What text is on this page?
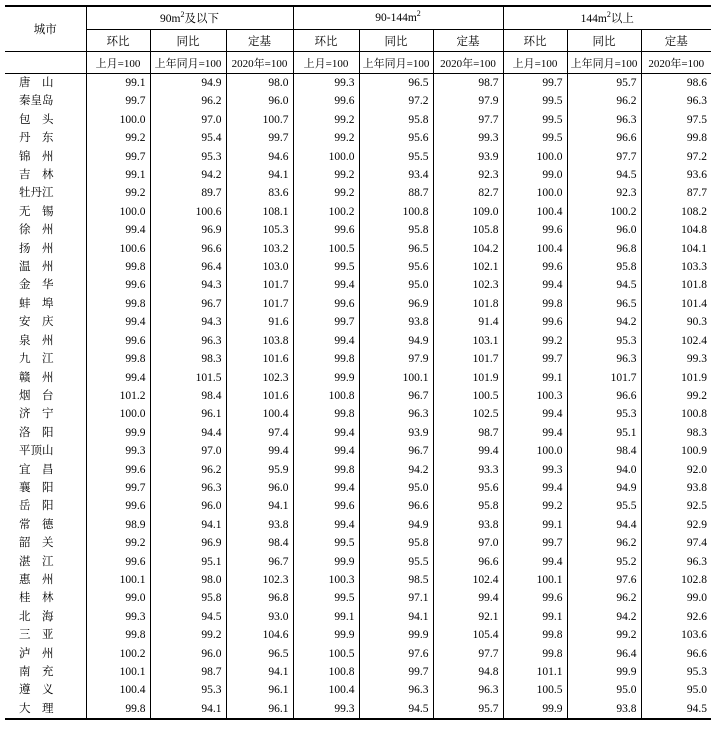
城市	$90m^2$及以下			$90-144m^2$			$144m^2$以上		
	环比	同比	定基	环比	同比	定基	环比	同比	定基
	上月=100	上年同月=100	2020年=100	上月=100	上年同月=100	2020年=100	上月=100	上年同月=100	2020年=100
唐　山	99.1	94.9	98.0	99.3	96.5	98.7	99.7	95.7	98.6
秦皇岛	99.7	96.2	96.0	99.6	97.2	97.9	99.5	96.2	96.3
包　头	100.0	97.0	100.7	99.2	95.8	97.7	99.5	96.3	97.5
丹　东	99.2	95.4	99.7	99.2	95.6	99.3	99.5	96.6	99.8
锦　州	99.7	95.3	94.6	100.0	95.5	93.9	100.0	97.7	97.2
吉　林	99.1	94.2	94.1	99.2	93.4	92.3	99.0	94.5	93.6
牡丹江	99.2	89.7	83.6	99.2	88.7	82.7	100.0	92.3	87.7
无　锡	100.0	100.6	108.1	100.2	100.8	109.0	100.4	100.2	108.2
徐　州	99.4	96.9	105.3	99.6	95.8	105.8	99.6	96.0	104.8
扬　州	100.6	96.6	103.2	100.5	96.5	104.2	100.4	96.8	104.1
温　州	99.8	96.4	103.0	99.5	95.6	102.1	99.6	95.8	103.3
金　华	99.6	94.3	101.7	99.4	95.0	102.3	99.4	94.5	101.8
蚌　埠	99.8	96.7	101.7	99.6	96.9	101.8	99.8	96.5	101.4
安　庆	99.4	94.3	91.6	99.7	93.8	91.4	99.6	94.2	90.3
泉　州	99.6	96.3	103.8	99.4	94.9	103.1	99.2	95.3	102.4
九　江	99.8	98.3	101.6	99.8	97.9	101.7	99.7	96.3	99.3
赣　州	99.4	101.5	102.3	99.9	100.1	101.9	99.1	101.7	101.9
烟　台	101.2	98.4	101.6	100.8	96.7	100.5	100.3	96.6	99.2
济　宁	100.0	96.1	100.4	99.8	96.3	102.5	99.4	95.3	100.8
洛　阳	99.9	94.4	97.4	99.4	93.9	98.7	99.4	95.1	98.3
平顶山	99.3	97.0	99.4	99.4	96.7	99.4	100.0	98.4	100.9
宜　昌	99.6	96.2	95.9	99.8	94.2	93.3	99.3	94.0	92.0
襄　阳	99.7	96.3	96.0	99.4	95.0	95.6	99.4	94.9	93.8
岳　阳	99.6	96.0	94.1	99.6	96.6	95.8	99.2	95.5	92.5
常　德	98.9	94.1	93.8	99.4	94.9	93.8	99.1	94.4	92.9
韶　关	99.2	96.9	98.4	99.5	95.8	97.0	99.7	96.2	97.4
湛　江	99.6	95.1	96.7	99.9	95.5	96.6	99.4	95.2	96.3
惠　州	100.1	98.0	102.3	100.3	98.5	102.4	100.1	97.6	102.8
桂　林	99.0	95.8	96.8	99.5	97.1	99.4	99.6	96.2	99.0
北　海	99.3	94.5	93.0	99.1	94.1	92.1	99.1	94.2	92.6
三　亚	99.8	99.2	104.6	99.9	99.9	105.4	99.8	99.2	103.6
泸　州	100.2	96.0	96.5	100.5	97.6	97.7	99.8	96.4	96.6
南　充	100.1	98.7	94.1	100.8	99.7	94.8	101.1	99.9	95.3
遵　义	100.4	95.3	96.1	100.4	96.3	96.3	100.5	95.0	95.0
大　理	99.8	94.1	96.1	99.3	94.5	95.7	99.9	93.8	94.5
